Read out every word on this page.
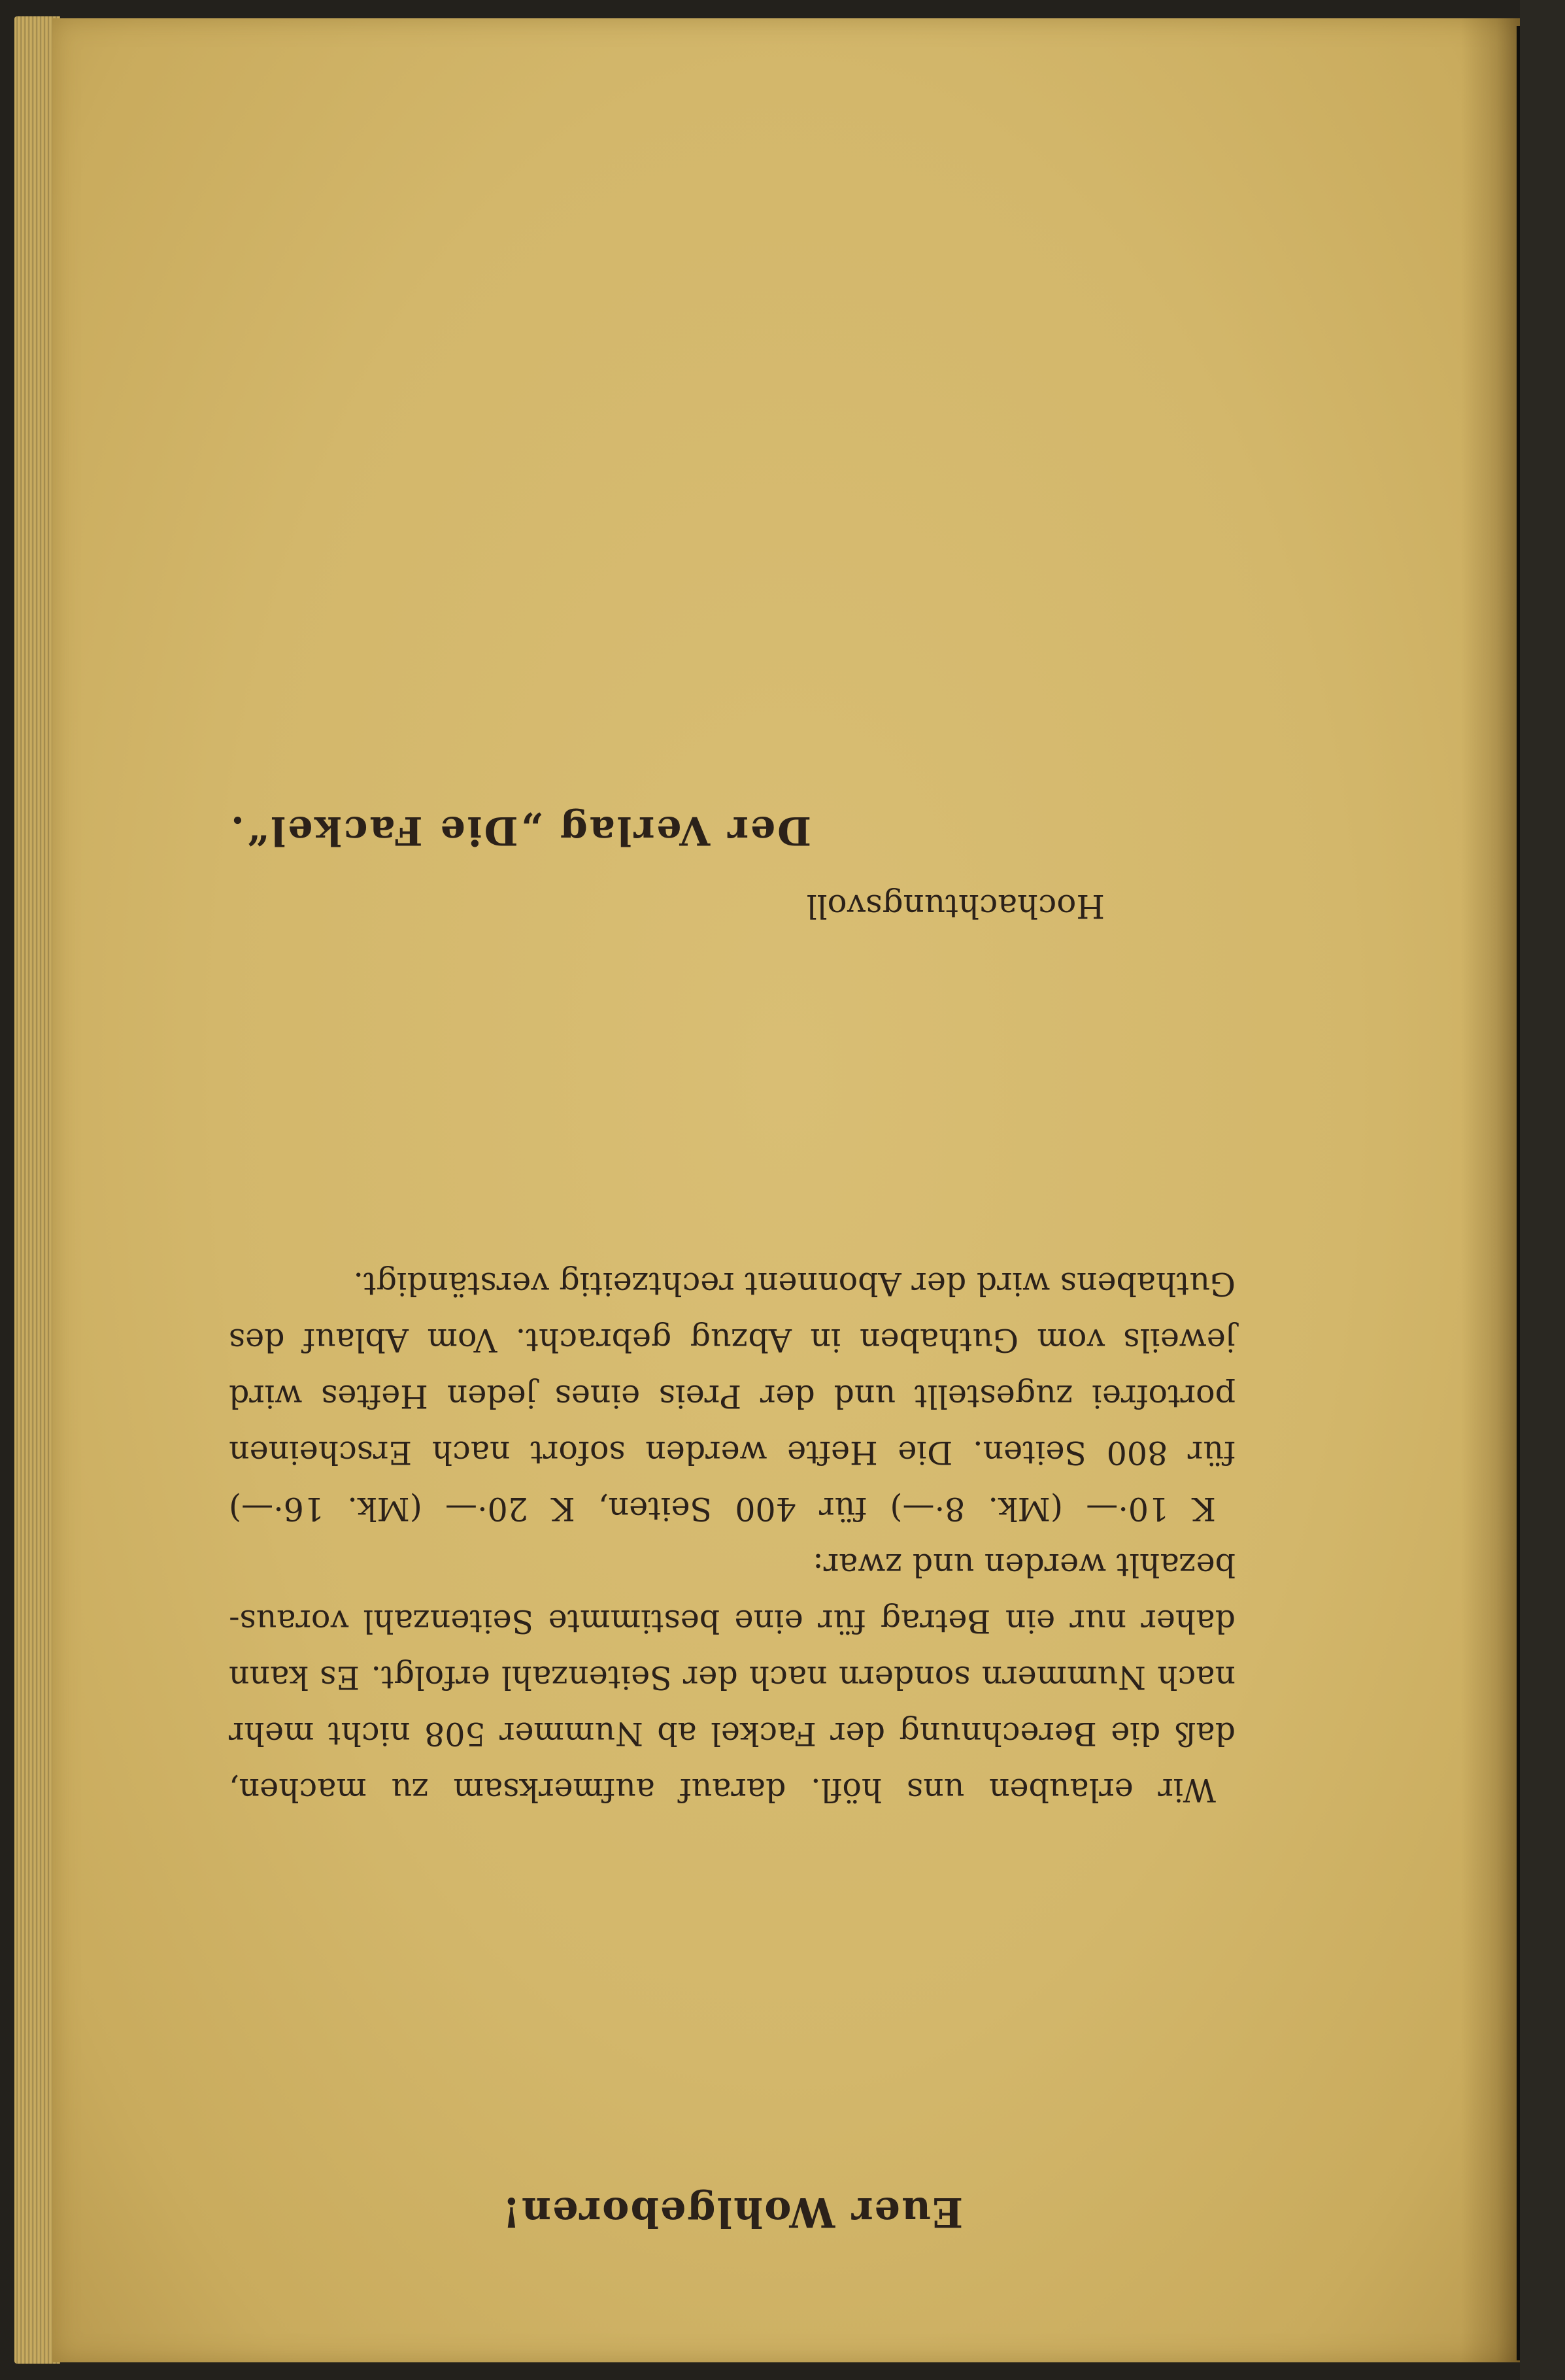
Euer Wohlgeboren!
Wir erlauben uns höfl. darauf aufmerksam zu machen,
daß die Berechnung der Fackel ab Nummer 508 nicht mehr
nach Nummern sondern nach der Seitenzahl erfolgt. Es kann
daher nur ein Betrag für eine bestimmte Seitenzahl voraus-
bezahlt werden und zwar:
K 10·— (Mk. 8·—) für 400 Seiten, K 20·— (Mk. 16·—)
für 800 Seiten. Die Hefte werden sofort nach Erscheinen
portofrei zugestellt und der Preis eines jeden Heftes wird
jeweils vom Guthaben in Abzug gebracht. Vom Ablauf des
Guthabens wird der Abonnent rechtzeitig verständigt.
Hochachtungsvoll
Der Verlag „Die Fackel“.
